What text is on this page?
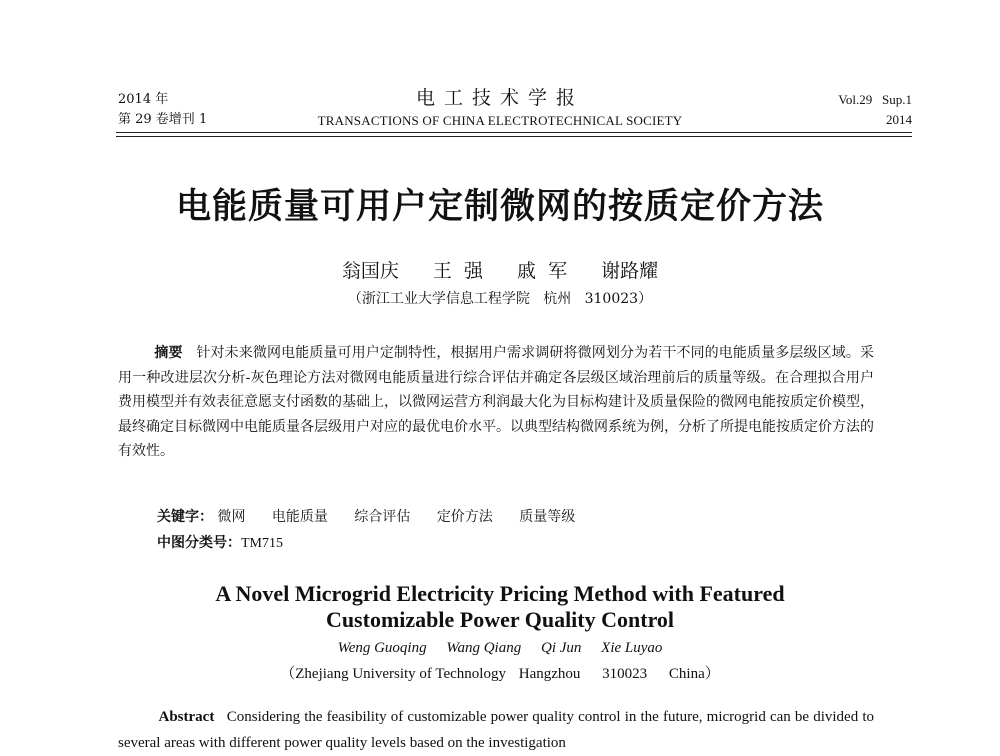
2014 年
第 29 卷增刊 1
电工技术学报
TRANSACTIONS OF CHINA ELECTROTECHNICAL SOCIETY
Vol.29   Sup.1
2014
电能质量可用户定制微网的按质定价方法
翁国庆 王  强 戚  军 谢路耀
（浙江工业大学信息工程学院   杭州   310023）
摘要 针对未来微网电能质量可用户定制特性，根据用户需求调研将微网划分为若干不同的电能质量多层级区域。采用一种改进层次分析-灰色理论方法对微网电能质量进行综合评估并确定各层级区域治理前后的质量等级。在合理拟合用户费用模型并有效表征意愿支付函数的基础上，以微网运营方利润最大化为目标构建计及质量保险的微网电能按质定价模型，最终确定目标微网中电能质量各层级用户对应的最优电价水平。以典型结构微网系统为例，分析了所提电能按质定价方法的有效性。
关键字： 微网 电能质量 综合评估 定价方法 质量等级
中图分类号：TM715
A Novel Microgrid Electricity Pricing Method with Featured
Customizable Power Quality Control
Weng Guoqing Wang Qiang Qi Jun Xie Luyao
（Zhejiang University of Technology Hangzhou 310023 China）
Abstract Considering the feasibility of customizable power quality control in the future, microgrid can be divided to several areas with different power quality levels based on the investigation
